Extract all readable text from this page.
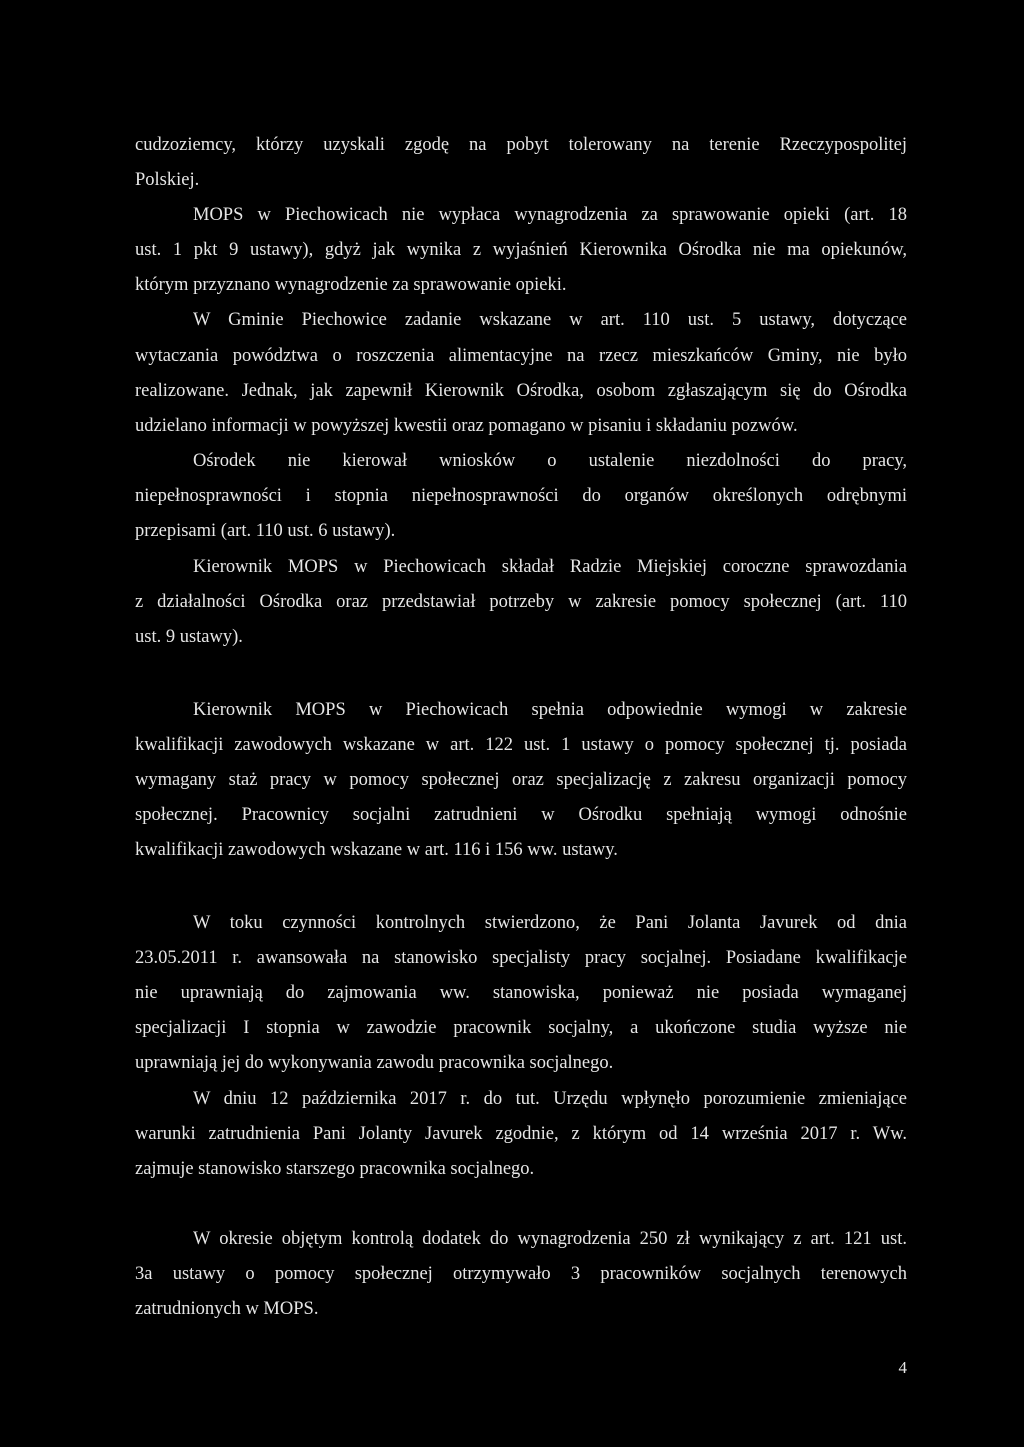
cudzoziemcy, którzy uzyskali zgodę na pobyt tolerowany na terenie Rzeczypospolitej
Polskiej.
MOPS w Piechowicach nie wypłaca wynagrodzenia za sprawowanie opieki (art. 18
ust. 1 pkt 9 ustawy), gdyż jak wynika z wyjaśnień Kierownika Ośrodka nie ma opiekunów,
którym przyznano wynagrodzenie za sprawowanie opieki.
W Gminie Piechowice zadanie wskazane w art. 110 ust. 5 ustawy, dotyczące
wytaczania powództwa o roszczenia alimentacyjne na rzecz mieszkańców Gminy, nie było
realizowane. Jednak, jak zapewnił Kierownik Ośrodka, osobom zgłaszającym się do Ośrodka
udzielano informacji w powyższej kwestii oraz pomagano w pisaniu i składaniu pozwów.
Ośrodek nie kierował wniosków o ustalenie niezdolności do pracy,
niepełnosprawności i stopnia niepełnosprawności do organów określonych odrębnymi
przepisami (art. 110 ust. 6 ustawy).
Kierownik MOPS w Piechowicach składał Radzie Miejskiej coroczne sprawozdania
z działalności Ośrodka oraz przedstawiał potrzeby w zakresie pomocy społecznej (art. 110
ust. 9 ustawy).
Kierownik MOPS w Piechowicach spełnia odpowiednie wymogi w zakresie
kwalifikacji zawodowych wskazane w art. 122 ust. 1 ustawy o pomocy społecznej tj. posiada
wymagany staż pracy w pomocy społecznej oraz specjalizację z zakresu organizacji pomocy
społecznej. Pracownicy socjalni zatrudnieni w Ośrodku spełniają wymogi odnośnie
kwalifikacji zawodowych wskazane w art. 116 i 156 ww. ustawy.
W toku czynności kontrolnych stwierdzono, że Pani Jolanta Javurek od dnia
23.05.2011 r. awansowała na stanowisko specjalisty pracy socjalnej. Posiadane kwalifikacje
nie uprawniają do zajmowania ww. stanowiska, ponieważ nie posiada wymaganej
specjalizacji I stopnia w zawodzie pracownik socjalny, a ukończone studia wyższe nie
uprawniają jej do wykonywania zawodu pracownika socjalnego.
W dniu 12 października 2017 r. do tut. Urzędu wpłynęło porozumienie zmieniające
warunki zatrudnienia Pani Jolanty Javurek zgodnie, z którym od 14 września 2017 r. Ww.
zajmuje stanowisko starszego pracownika socjalnego.
W okresie objętym kontrolą dodatek do wynagrodzenia 250 zł wynikający z art. 121 ust.
3a ustawy o pomocy społecznej otrzymywało 3 pracowników socjalnych terenowych
zatrudnionych w MOPS.
4
